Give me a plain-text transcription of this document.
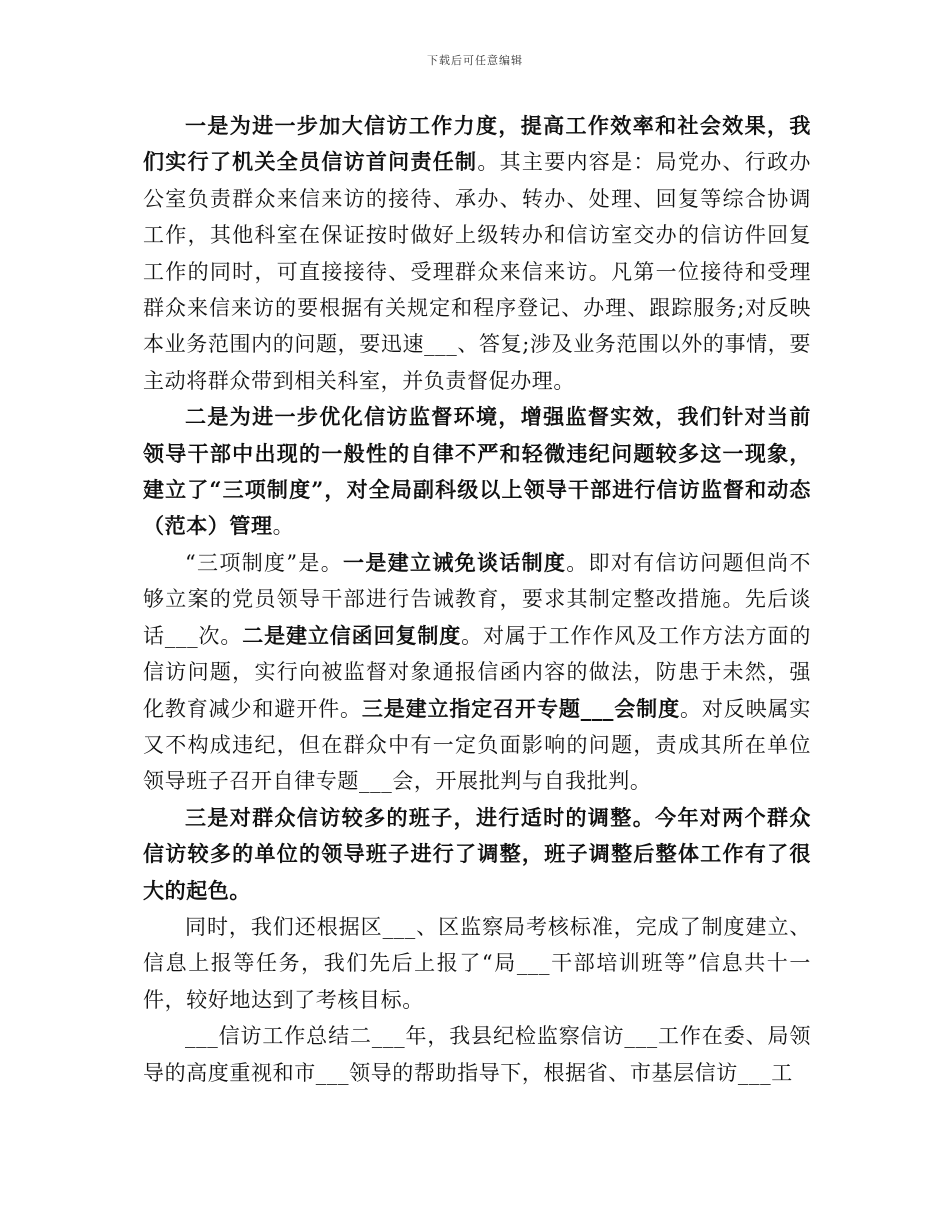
下载后可任意编辑

一是为进一步加大信访工作力度，提高工作效率和社会效果，我们实行了机关全员信访首问责任制。其主要内容是：局党办、行政办公室负责群众来信来访的接待、承办、转办、处理、回复等综合协调工作，其他科室在保证按时做好上级转办和信访室交办的信访件回复工作的同时，可直接接待、受理群众来信来访。凡第一位接待和受理群众来信来访的要根据有关规定和程序登记、办理、跟踪服务;对反映本业务范围内的问题，要迅速___、答复;涉及业务范围以外的事情，要主动将群众带到相关科室，并负责督促办理。

二是为进一步优化信访监督环境，增强监督实效，我们针对当前领导干部中出现的一般性的自律不严和轻微违纪问题较多这一现象，建立了“三项制度”，对全局副科级以上领导干部进行信访监督和动态（范本）管理。

“三项制度”是。一是建立诫免谈话制度。即对有信访问题但尚不够立案的党员领导干部进行告诫教育，要求其制定整改措施。先后谈话___次。二是建立信函回复制度。对属于工作作风及工作方法方面的信访问题，实行向被监督对象通报信函内容的做法，防患于未然，强化教育减少和避开件。三是建立指定召开专题___会制度。对反映属实又不构成违纪，但在群众中有一定负面影响的问题，责成其所在单位领导班子召开自律专题___会，开展批判与自我批判。

三是对群众信访较多的班子，进行适时的调整。今年对两个群众信访较多的单位的领导班子进行了调整，班子调整后整体工作有了很大的起色。

同时，我们还根据区___、区监察局考核标准，完成了制度建立、信息上报等任务，我们先后上报了“局___干部培训班等”信息共十一件，较好地达到了考核目标。

___信访工作总结二___年，我县纪检监察信访___工作在委、局领导的高度重视和市___领导的帮助指导下，根据省、市基层信访___工
